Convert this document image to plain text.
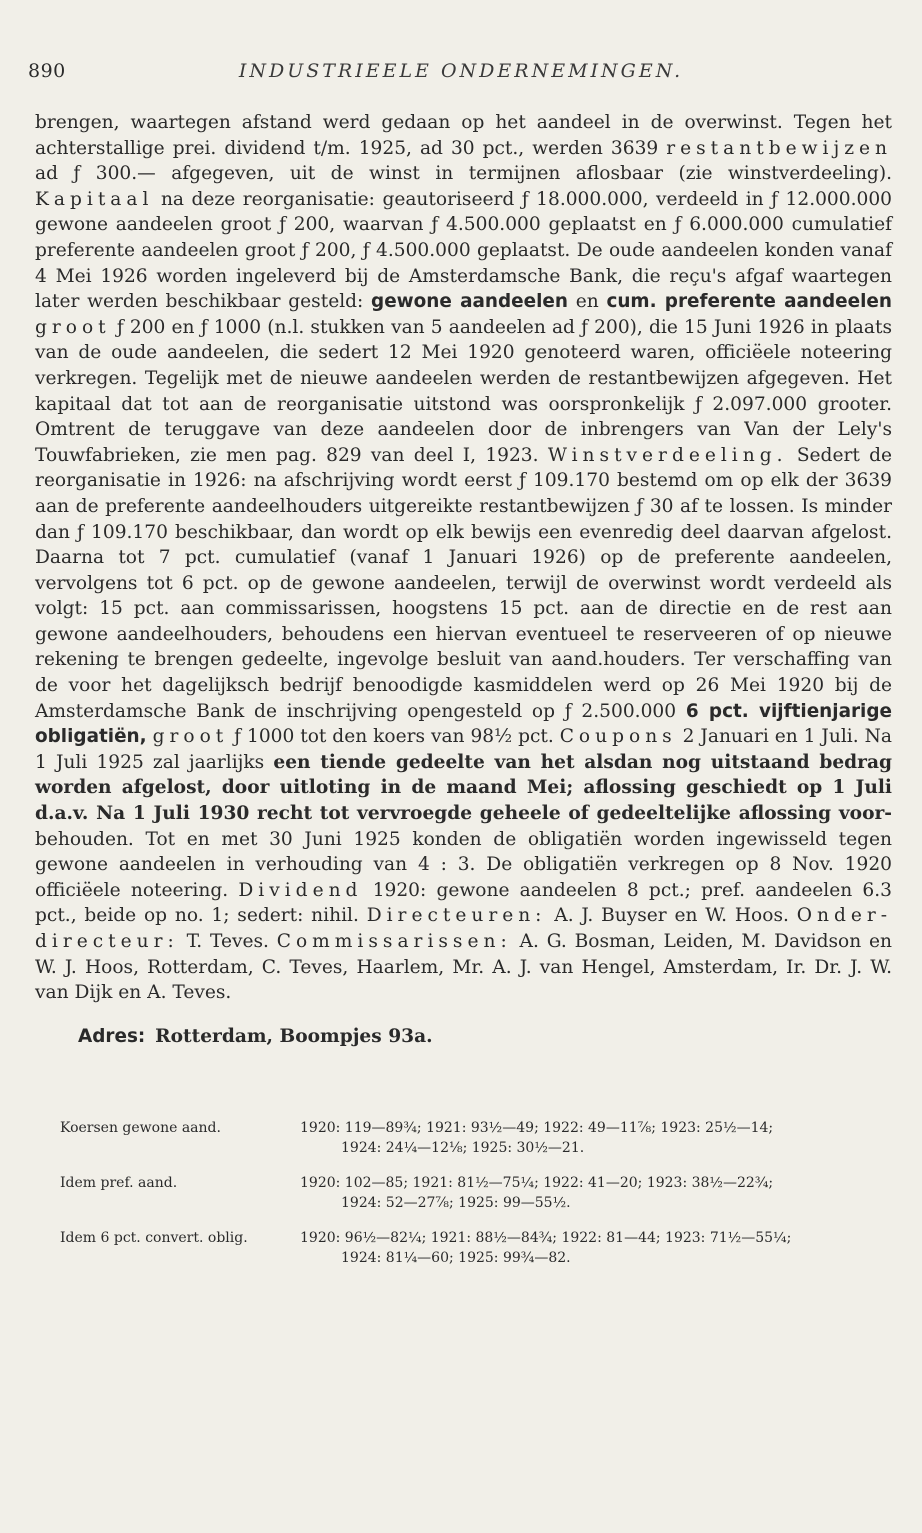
890	INDUSTRIEELE ONDERNEMINGEN.

brengen, waartegen afstand werd gedaan op het aandeel in de overwinst. Tegen het achterstallige prei. dividend t/m. 1925, ad 30 pct., werden 3639 restantbewijzen ad ƒ 300.— afgegeven, uit de winst in termijnen aflosbaar (zie winstverdeeling). Kapitaal na deze reorganisatie: geautoriseerd ƒ 18.000.000, verdeeld in ƒ 12.000.000 gewone aandeelen groot ƒ 200, waarvan ƒ 4.500.000 geplaatst en ƒ 6.000.000 cumulatief preferente aandeelen groot ƒ 200, ƒ 4.500.000 geplaatst. De oude aandeelen konden vanaf 4 Mei 1926 worden ingeleverd bij de Amsterdamsche Bank, die reçu's afgaf waartegen later werden beschikbaar gesteld: gewone aandeelen en cum. preferente aandeelen groot ƒ 200 en ƒ 1000 (n.l. stukken van 5 aandeelen ad ƒ 200), die 15 Juni 1926 in plaats van de oude aandeelen, die sedert 12 Mei 1920 genoteerd waren, officiëele noteering verkregen. Tegelijk met de nieuwe aandeelen werden de restantbewijzen afgegeven. Het kapitaal dat tot aan de reorganisatie uitstond was oorspronkelijk ƒ 2.097.000 grooter. Omtrent de teruggave van deze aandeelen door de inbrengers van Van der Lely's Touwfabrieken, zie men pag. 829 van deel I, 1923. Winstverdeeling. Sedert de reorganisatie in 1926: na afschrijving wordt eerst ƒ 109.170 bestemd om op elk der 3639 aan de preferente aandeelhouders uitgereikte restantbewijzen ƒ 30 af te lossen. Is minder dan ƒ 109.170 beschikbaar, dan wordt op elk bewijs een evenredig deel daarvan afgelost. Daarna tot 7 pct. cumulatief (vanaf 1 Januari 1926) op de preferente aandeelen, vervolgens tot 6 pct. op de gewone aandeelen, terwijl de overwinst wordt verdeeld als volgt: 15 pct. aan commissarissen, hoogstens 15 pct. aan de directie en de rest aan gewone aandeelhouders, behoudens een hiervan eventueel te reserveeren of op nieuwe rekening te brengen gedeelte, ingevolge besluit van aand.houders. Ter verschaffing van de voor het dagelijksch bedrijf benoodigde kasmiddelen werd op 26 Mei 1920 bij de Amsterdamsche Bank de inschrijving opengesteld op ƒ 2.500.000 6 pct. vijftienjarige obligatiën, groot ƒ 1000 tot den koers van 98½ pct. Coupons 2 Januari en 1 Juli. Na 1 Juli 1925 zal jaarlijks een tiende gedeelte van het alsdan nog uitstaand bedrag worden afgelost, door uitloting in de maand Mei; aflossing geschiedt op 1 Juli d.a.v. Na 1 Juli 1930 recht tot vervroegde geheele of gedeeltelijke aflossing voor- behouden. Tot en met 30 Juni 1925 konden de obligatiën worden ingewisseld tegen gewone aandeelen in verhouding van 4 : 3. De obligatiën verkregen op 8 Nov. 1920 officiëele noteering. Dividend 1920: gewone aandeelen 8 pct.; pref. aandeelen 6.3 pct., beide op no. 1; sedert: nihil. Directeuren: A. J. Buyser en W. Hoos. Onder-directeur: T. Teves. Commissarissen: A. G. Bosman, Leiden, M. Davidson en W. J. Hoos, Rotterdam, C. Teves, Haarlem, Mr. A. J. van Hengel, Amsterdam, Ir. Dr. J. W. van Dijk en A. Teves.

Adres: Rotterdam, Boompjes 93a.
Koersen gewone aand.	1920: 119—89¾; 1921: 93½—49; 1922: 49—11⅞; 1923: 25½—14;
1924: 24¼—12⅛; 1925: 30½—21.
Idem pref. aand.	1920: 102—85; 1921: 81½—75¼; 1922: 41—20; 1923: 38½—22¾;
1924: 52—27⅞; 1925: 99—55½.
Idem 6 pct. convert. oblig.	1920: 96½—82¼; 1921: 88½—84¾; 1922: 81—44; 1923: 71½—55¼;
1924: 81¼—60; 1925: 99¾—82.
